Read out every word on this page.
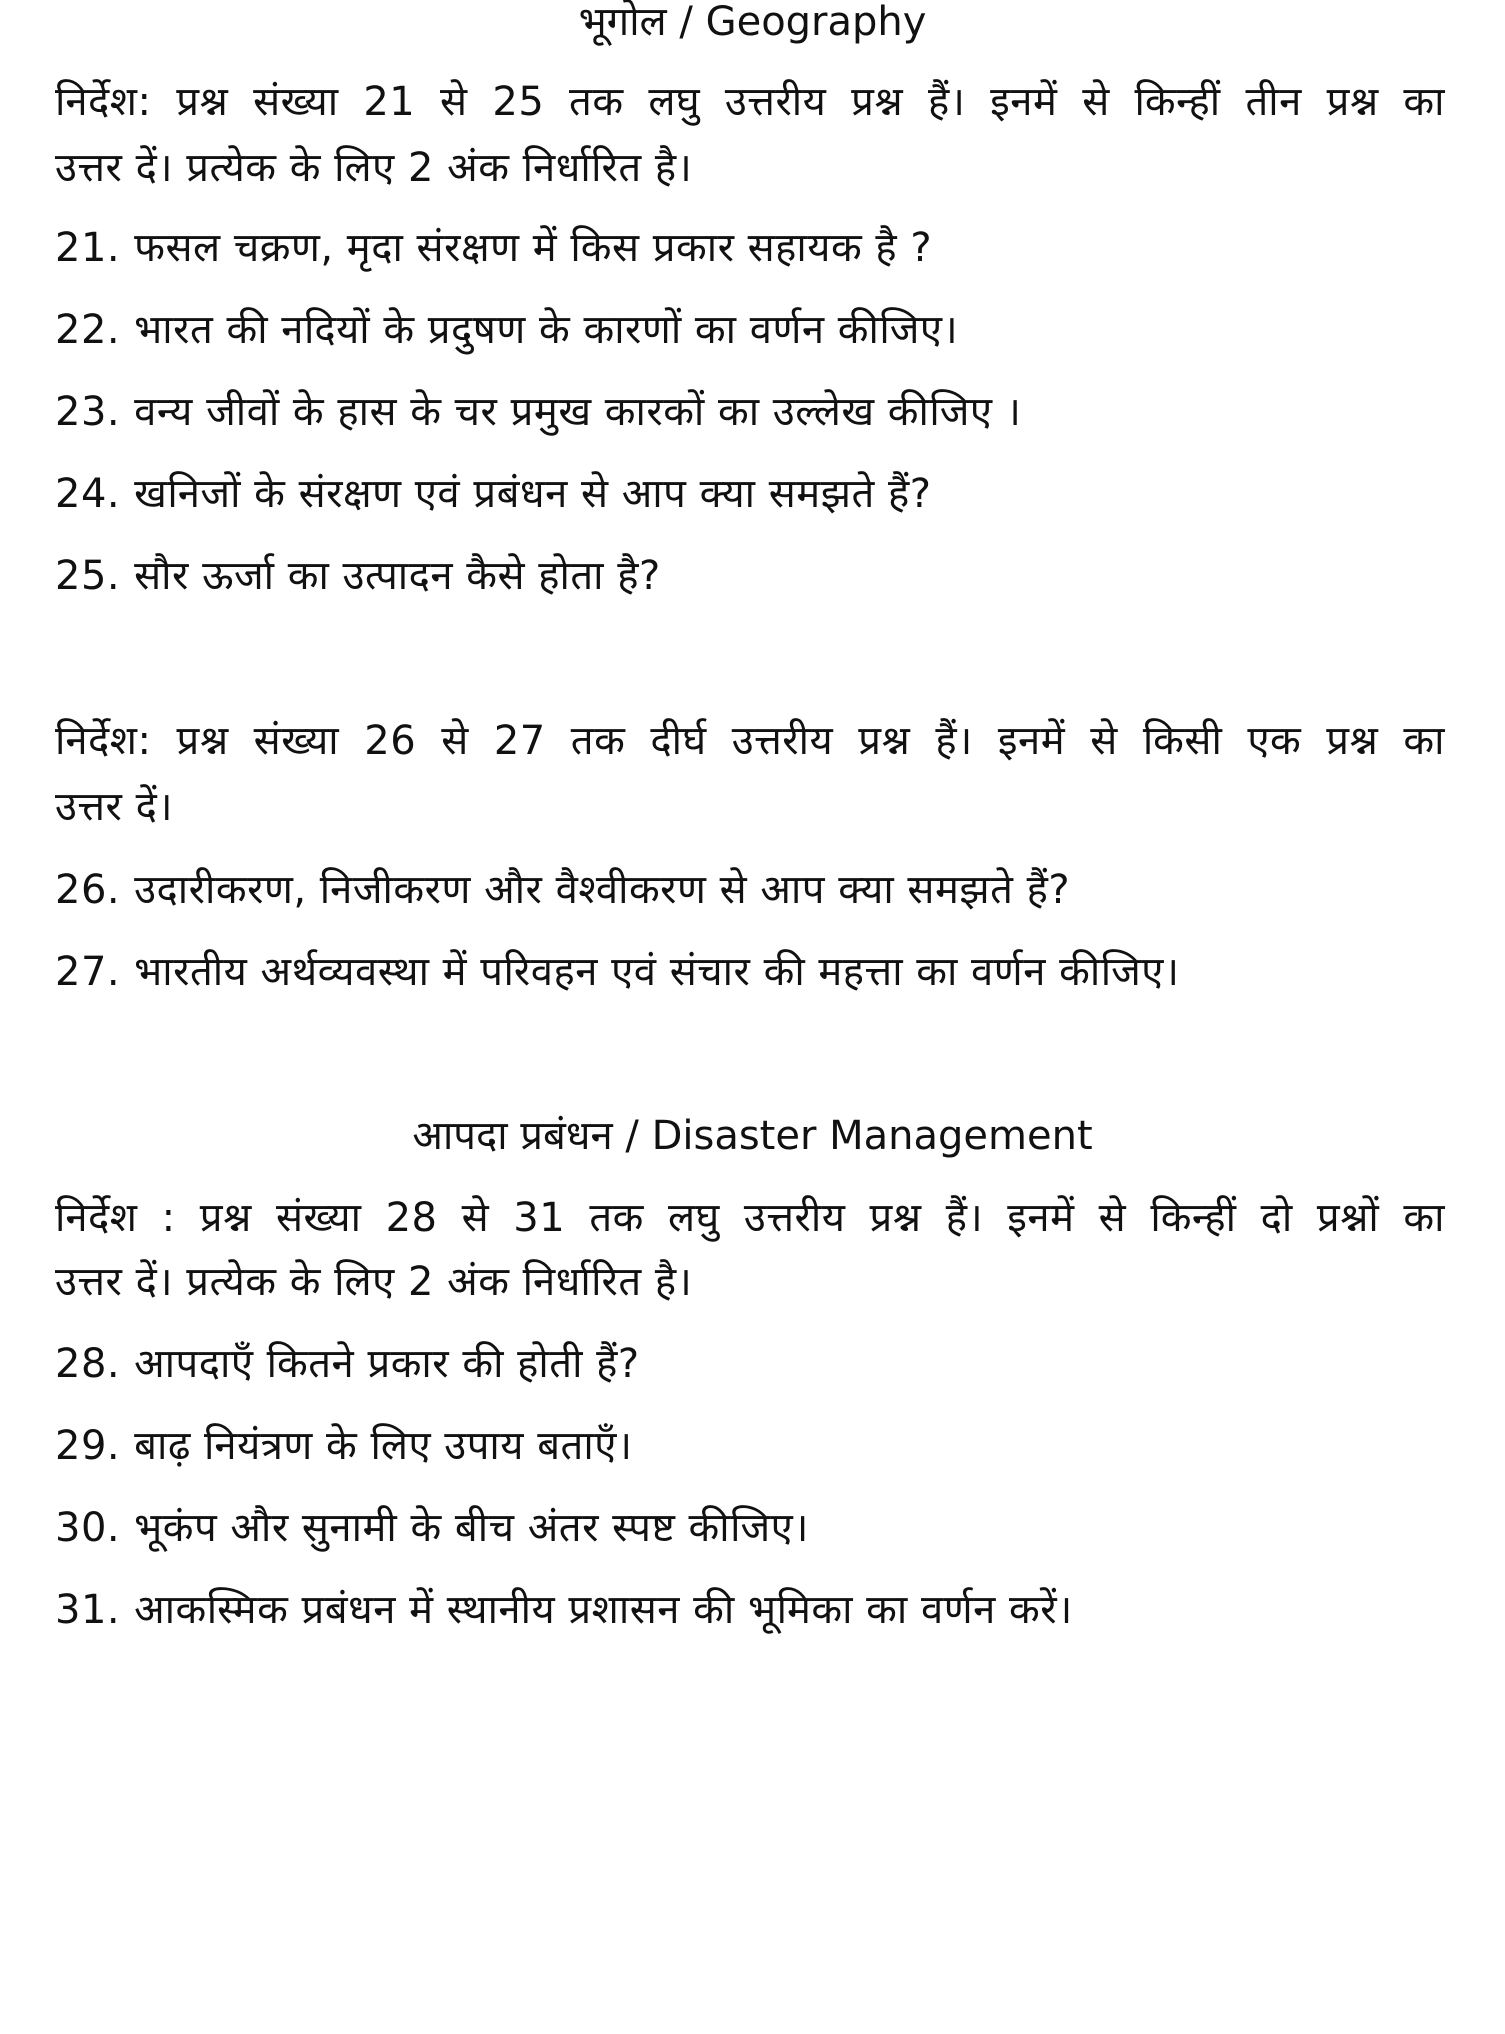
भूगोल / Geography
निर्देश: प्रश्न संख्या 21 से 25 तक लघु उत्तरीय प्रश्न हैं। इनमें से किन्हीं तीन प्रश्न का
उत्तर दें। प्रत्येक के लिए 2 अंक निर्धारित है।
21. फसल चक्रण, मृदा संरक्षण में किस प्रकार सहायक है ?
22. भारत की नदियों के प्रदुषण के कारणों का वर्णन कीजिए।
23. वन्य जीवों के हास के चर प्रमुख कारकों का उल्लेख कीजिए ।
24. खनिजों के संरक्षण एवं प्रबंधन से आप क्या समझते हैं?
25. सौर ऊर्जा का उत्पादन कैसे होता है?
निर्देश: प्रश्न संख्या 26 से 27 तक दीर्घ उत्तरीय प्रश्न हैं। इनमें से किसी एक प्रश्न का
उत्तर दें।
26. उदारीकरण, निजीकरण और वैश्वीकरण से आप क्या समझते हैं?
27. भारतीय अर्थव्यवस्था में परिवहन एवं संचार की महत्ता का वर्णन कीजिए।
आपदा प्रबंधन / Disaster Management
निर्देश : प्रश्न संख्या 28 से 31 तक लघु उत्तरीय प्रश्न हैं। इनमें से किन्हीं दो प्रश्नों का
उत्तर दें। प्रत्येक के लिए 2 अंक निर्धारित है।
28. आपदाएँ कितने प्रकार की होती हैं?
29. बाढ़ नियंत्रण के लिए उपाय बताएँ।
30. भूकंप और सुनामी के बीच अंतर स्पष्ट कीजिए।
31. आकस्मिक प्रबंधन में स्थानीय प्रशासन की भूमिका का वर्णन करें।
